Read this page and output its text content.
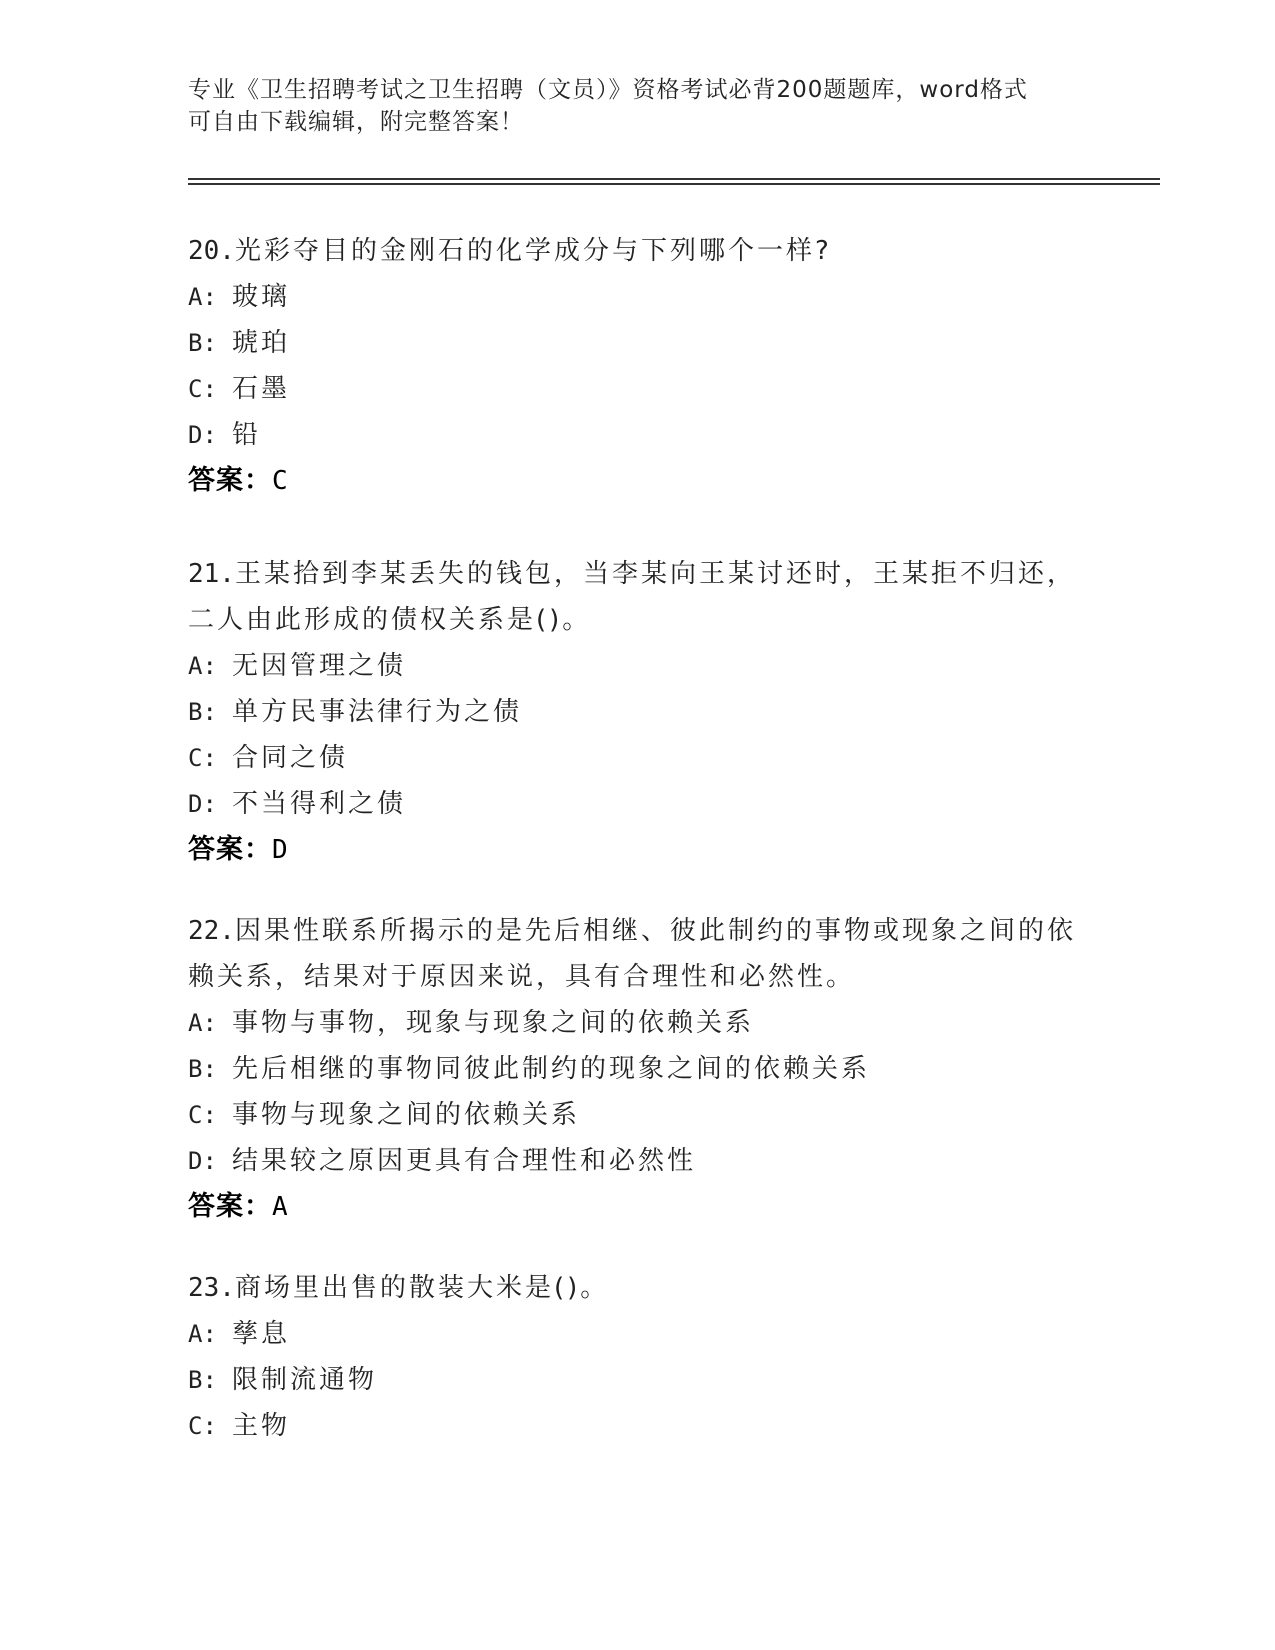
专业《卫生招聘考试之卫生招聘（文员）》资格考试必背200题题库，word格式
可自由下载编辑，附完整答案！
20.光彩夺目的金刚石的化学成分与下列哪个一样?
A: 玻璃
B: 琥珀
C: 石墨
D: 铅
答案：C
21.王某拾到李某丢失的钱包，当李某向王某讨还时，王某拒不归还，
二人由此形成的债权关系是()。
A: 无因管理之债
B: 单方民事法律行为之债
C: 合同之债
D: 不当得利之债
答案：D
22.因果性联系所揭示的是先后相继、彼此制约的事物或现象之间的依
赖关系，结果对于原因来说，具有合理性和必然性。
A: 事物与事物，现象与现象之间的依赖关系
B: 先后相继的事物同彼此制约的现象之间的依赖关系
C: 事物与现象之间的依赖关系
D: 结果较之原因更具有合理性和必然性
答案：A
23.商场里出售的散装大米是()。
A: 孳息
B: 限制流通物
C: 主物
